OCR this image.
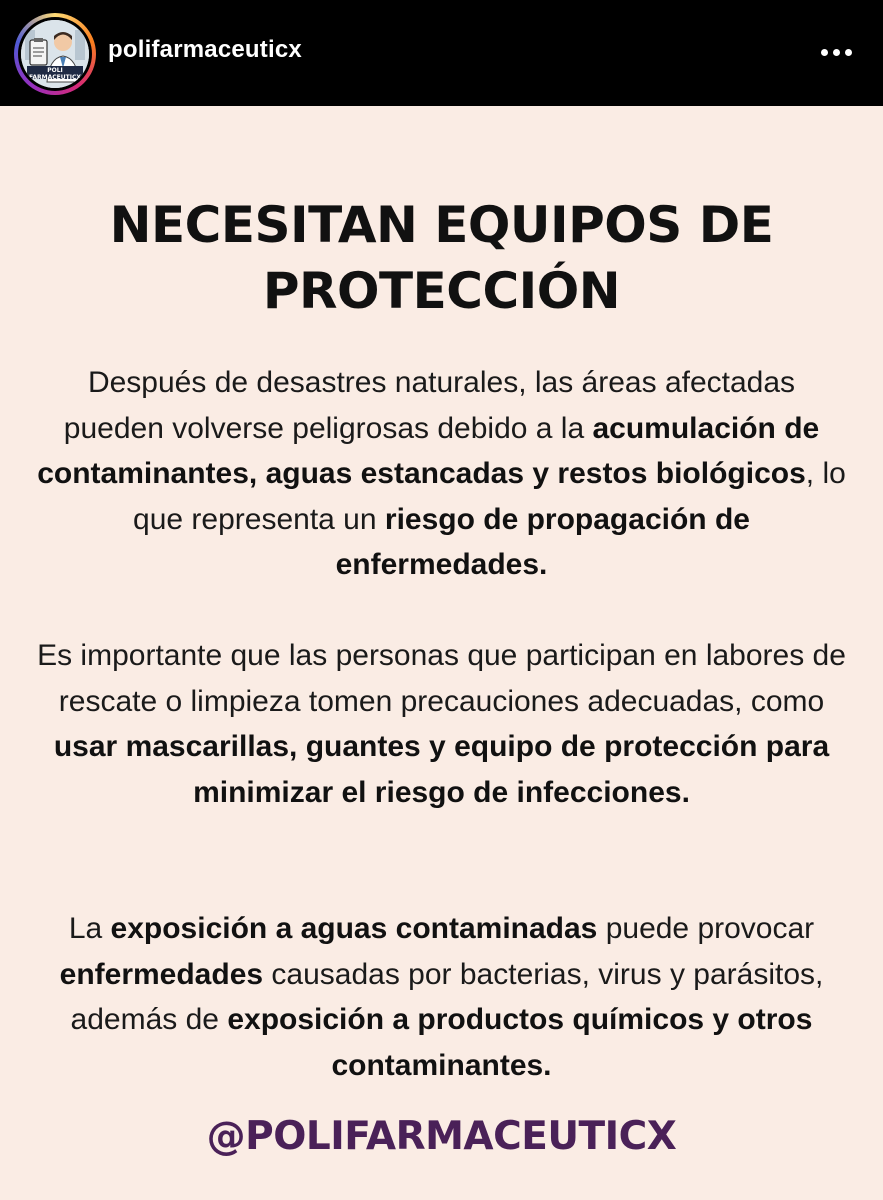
POLI FARMACEUTICX
polifarmaceuticx
NECESITAN EQUIPOS DE
PROTECCIÓN
Después de desastres naturales, las áreas afectadas pueden volverse peligrosas debido a la acumulación de contaminantes, aguas estancadas y restos biológicos, lo que representa un riesgo de propagación de enfermedades.
Es importante que las personas que participan en labores de rescate o limpieza tomen precauciones adecuadas, como usar mascarillas, guantes y equipo de protección para minimizar el riesgo de infecciones.
La exposición a aguas contaminadas puede provocar enfermedades causadas por bacterias, virus y parásitos, además de exposición a productos químicos y otros contaminantes.
@POLIFARMACEUTICX
